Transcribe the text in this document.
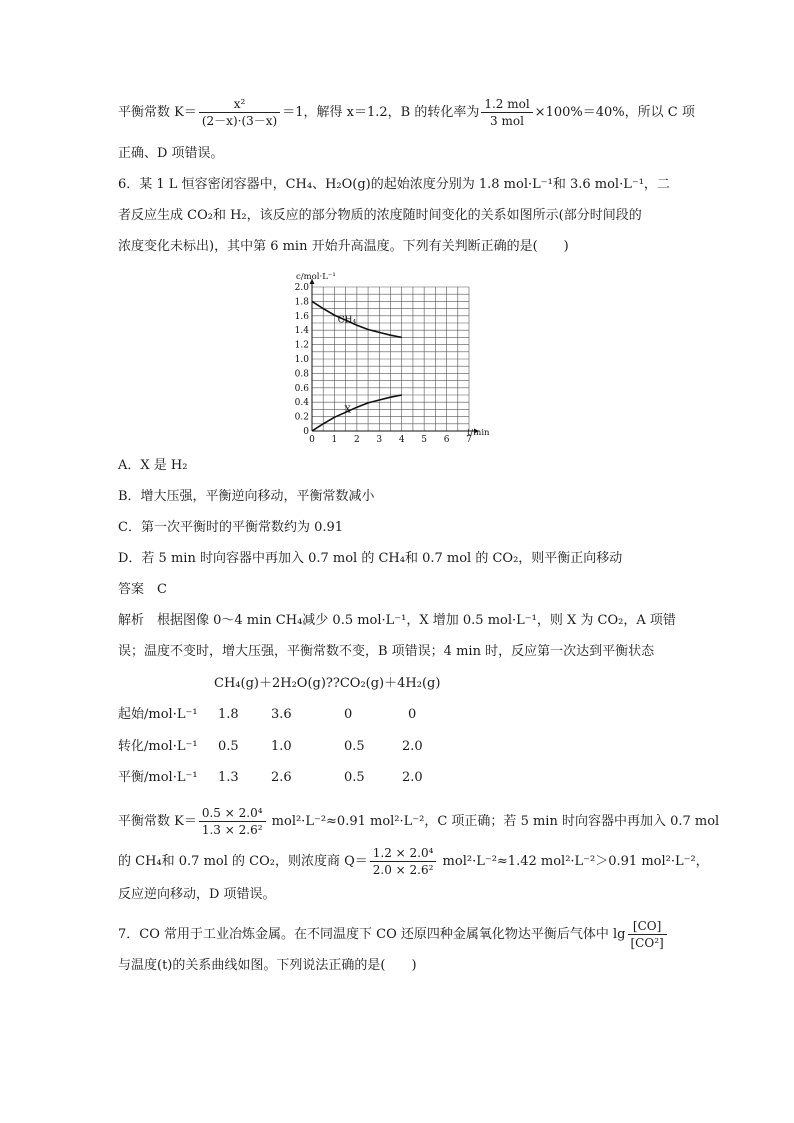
平衡常数 $K= \frac{\text{x²}}{(2-x)\cdot(3-x)} =1$，解得 x＝1.2，B 的转化率为 $\frac{\text{1.2 mol}}{\text{3 mol}} \times 100\%=40\%$，所以 C 项
正确、D 项错误。
6．某 1 L 恒容密闭容器中，CH₄、H₂O(g)的起始浓度分别为 1.8 mol·L⁻¹和 3.6 mol·L⁻¹，二
者反应生成 CO₂和 H₂，该反应的部分物质的浓度随时间变化的关系如图所示(部分时间段的
浓度变化未标出)，其中第 6 min 开始升高温度。下列有关判断正确的是(　　)
0
0.2
0.4
0.6
0.8
1.0
1.2
1.4
1.6
1.8
2.0
0 1 2 3 4 5 6 7
c/mol·L⁻¹
t/min
CH₄
X
A．X 是 H₂
B．增大压强，平衡逆向移动，平衡常数减小
C．第一次平衡时的平衡常数约为 0.91
D．若 5 min 时向容器中再加入 0.7 mol 的 CH₄和 0.7 mol 的 CO₂，则平衡正向移动
答案　C
解析　根据图像 0～4 min CH₄减少 0.5 mol·L⁻¹，X 增加 0.5 mol·L⁻¹，则 X 为 CO₂，A 项错
误；温度不变时，增大压强，平衡常数不变，B 项错误；4 min 时，反应第一次达到平衡状态
CH₄(g)＋2H₂O(g)??CO₂(g)＋4H₂(g)
起始/mol·L⁻¹ 1.8 3.6	0	0
转化/mol·L⁻¹ 0.5 1.0	0.5	2.0
平衡/mol·L⁻¹ 1.3 2.6	0.5	2.0
平衡常数 $K= \frac{\text{0.5 × 2.0⁴}}{\text{1.3 × 2.6²}} mol^2\cdot L^{-2}\approx 0.91$ mol²·L⁻²，C 项正确；若 5 min 时向容器中再加入 0.7 mol
的 CH₄和 0.7 mol 的 CO₂，则浓度商 $Q= \frac{\text{1.2 × 2.0⁴}}{\text{2.0 × 2.6²}} mol^2\cdot L^{-2}\approx 1.42$ mol²·L⁻²＞0.91 mol²·L⁻²，
反应逆向移动，D 项错误。
7．CO 常用于工业冶炼金属。在不同温度下 CO 还原四种金属氧化物达平衡后气体中 $\lg \frac{[CO]}{\text{[CO²]}}$
与温度(t)的关系曲线如图。下列说法正确的是(　　)
